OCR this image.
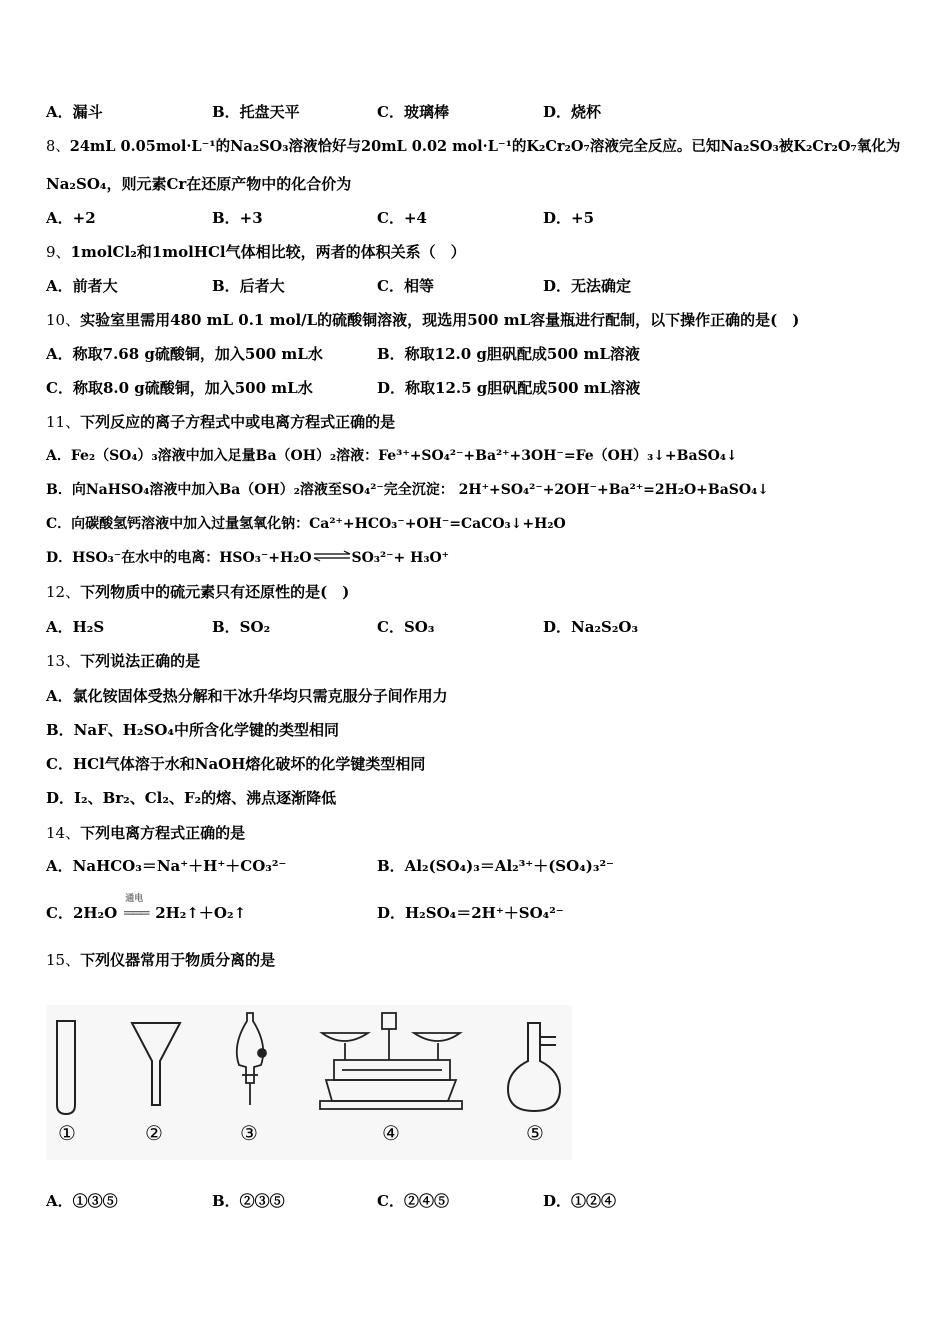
A．漏斗	B．托盘天平	C．玻璃棒	D．烧杯
8、24mL 0.05mol·L⁻¹的Na₂SO₃溶液恰好与20mL 0.02 mol·L⁻¹的K₂Cr₂O₇溶液完全反应。已知Na₂SO₃被K₂Cr₂O₇氧化为
Na₂SO₄，则元素Cr在还原产物中的化合价为
A．+2	B．+3	C．+4	D．+5
9、1molCl₂和1molHCl气体相比较，两者的体积关系（　）
A．前者大	B．后者大	C．相等	D．无法确定
10、实验室里需用480 mL 0.1 mol/L的硫酸铜溶液，现选用500 mL容量瓶进行配制，以下操作正确的是(　)
A．称取7.68 g硫酸铜，加入500 mL水	B．称取12.0 g胆矾配成500 mL溶液
C．称取8.0 g硫酸铜，加入500 mL水	D．称取12.5 g胆矾配成500 mL溶液
11、下列反应的离子方程式中或电离方程式正确的是
A．Fe₂（SO₄）₃溶液中加入足量Ba（OH）₂溶液：Fe³⁺+SO₄²⁻+Ba²⁺+3OH⁻=Fe（OH）₃↓+BaSO₄↓
B．向NaHSO₄溶液中加入Ba（OH）₂溶液至SO₄²⁻完全沉淀： 2H⁺+SO₄²⁻+2OH⁻+Ba²⁺=2H₂O+BaSO₄↓
C．向碳酸氢钙溶液中加入过量氢氧化钠：Ca²⁺+HCO₃⁻+OH⁻=CaCO₃↓+H₂O
D．HSO₃⁻在水中的电离：HSO₃⁻+H₂O⇌SO₃²⁻+ H₃O⁺
12、下列物质中的硫元素只有还原性的是(　)
A．H₂S	B．SO₂	C．SO₃	D．Na₂S₂O₃
13、下列说法正确的是
A．氯化铵固体受热分解和干冰升华均只需克服分子间作用力
B．NaF、H₂SO₄中所含化学键的类型相同
C．HCl气体溶于水和NaOH熔化破坏的化学键类型相同
D．I₂、Br₂、Cl₂、F₂的熔、沸点逐渐降低
14、下列电离方程式正确的是
A．NaHCO₃＝Na⁺＋H⁺＋CO₃²⁻	B．Al₂(SO₄)₃＝Al₂³⁺＋(SO₄)₃²⁻
C．2H₂O
通电
═══ 2H₂↑＋O₂↑	D．H₂SO₄＝2H⁺＋SO₄²⁻
15、下列仪器常用于物质分离的是
①	②	③	④	⑤
A．①③⑤	B．②③⑤	C．②④⑤	D．①②④
